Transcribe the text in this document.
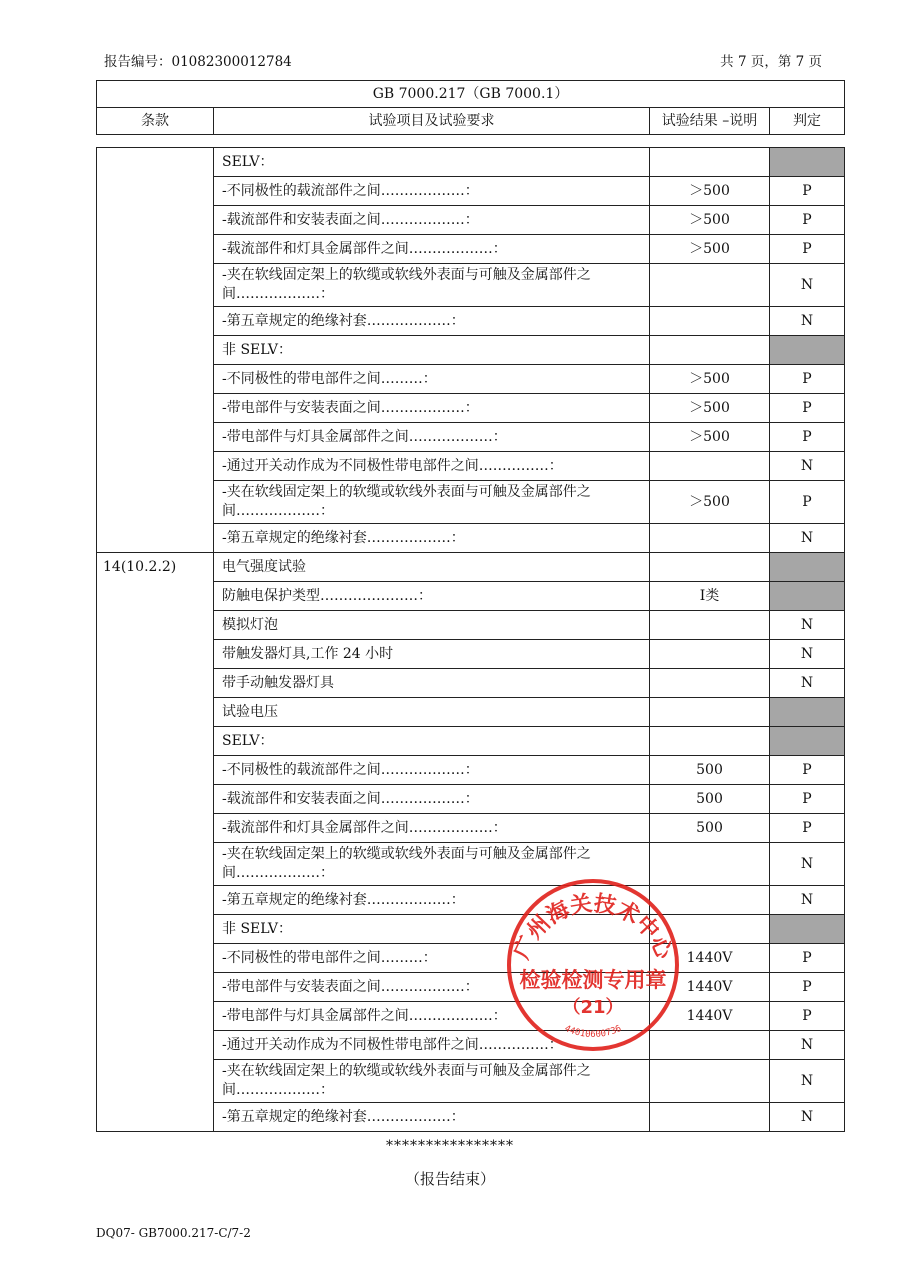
报告编号：01082300012784	共 7 页，第 7 页
GB 7000.217（GB 7000.1）
条款	试验项目及试验要求	试验结果 –说明	判定
	SELV：		
	-不同极性的载流部件之间………………：	＞500	P
	-载流部件和安装表面之间………………：	＞500	P
	-载流部件和灯具金属部件之间………………：	＞500	P
	-夹在软线固定架上的软缆或软线外表面与可触及金属部件之间………………：		N
	-第五章规定的绝缘衬套………………：		N
	非 SELV：		
	-不同极性的带电部件之间………：	＞500	P
	-带电部件与安装表面之间………………：	＞500	P
	-带电部件与灯具金属部件之间………………：	＞500	P
	-通过开关动作成为不同极性带电部件之间……………：		N
	-夹在软线固定架上的软缆或软线外表面与可触及金属部件之间………………：	＞500	P
	-第五章规定的绝缘衬套………………：		N
14(10.2.2)	电气强度试验		
	防触电保护类型…………………：	Ⅰ类	
	模拟灯泡		N
	带触发器灯具,工作 24 小时		N
	带手动触发器灯具		N
	试验电压		
	SELV：		
	-不同极性的载流部件之间………………：	500	P
	-载流部件和安装表面之间………………：	500	P
	-载流部件和灯具金属部件之间………………：	500	P
	-夹在软线固定架上的软缆或软线外表面与可触及金属部件之间………………：		N
	-第五章规定的绝缘衬套………………：		N
	非 SELV：		
	-不同极性的带电部件之间………：	1440V	P
	-带电部件与安装表面之间………………：	1440V	P
	-带电部件与灯具金属部件之间………………：	1440V	P
	-通过开关动作成为不同极性带电部件之间……………：		N
	-夹在软线固定架上的软缆或软线外表面与可触及金属部件之间………………：		N
	-第五章规定的绝缘衬套………………：		N
广州海关技术中心
检验检测专用章
（21）
44010600736
****************
（报告结束）
DQ07- GB7000.217-C/7-2
